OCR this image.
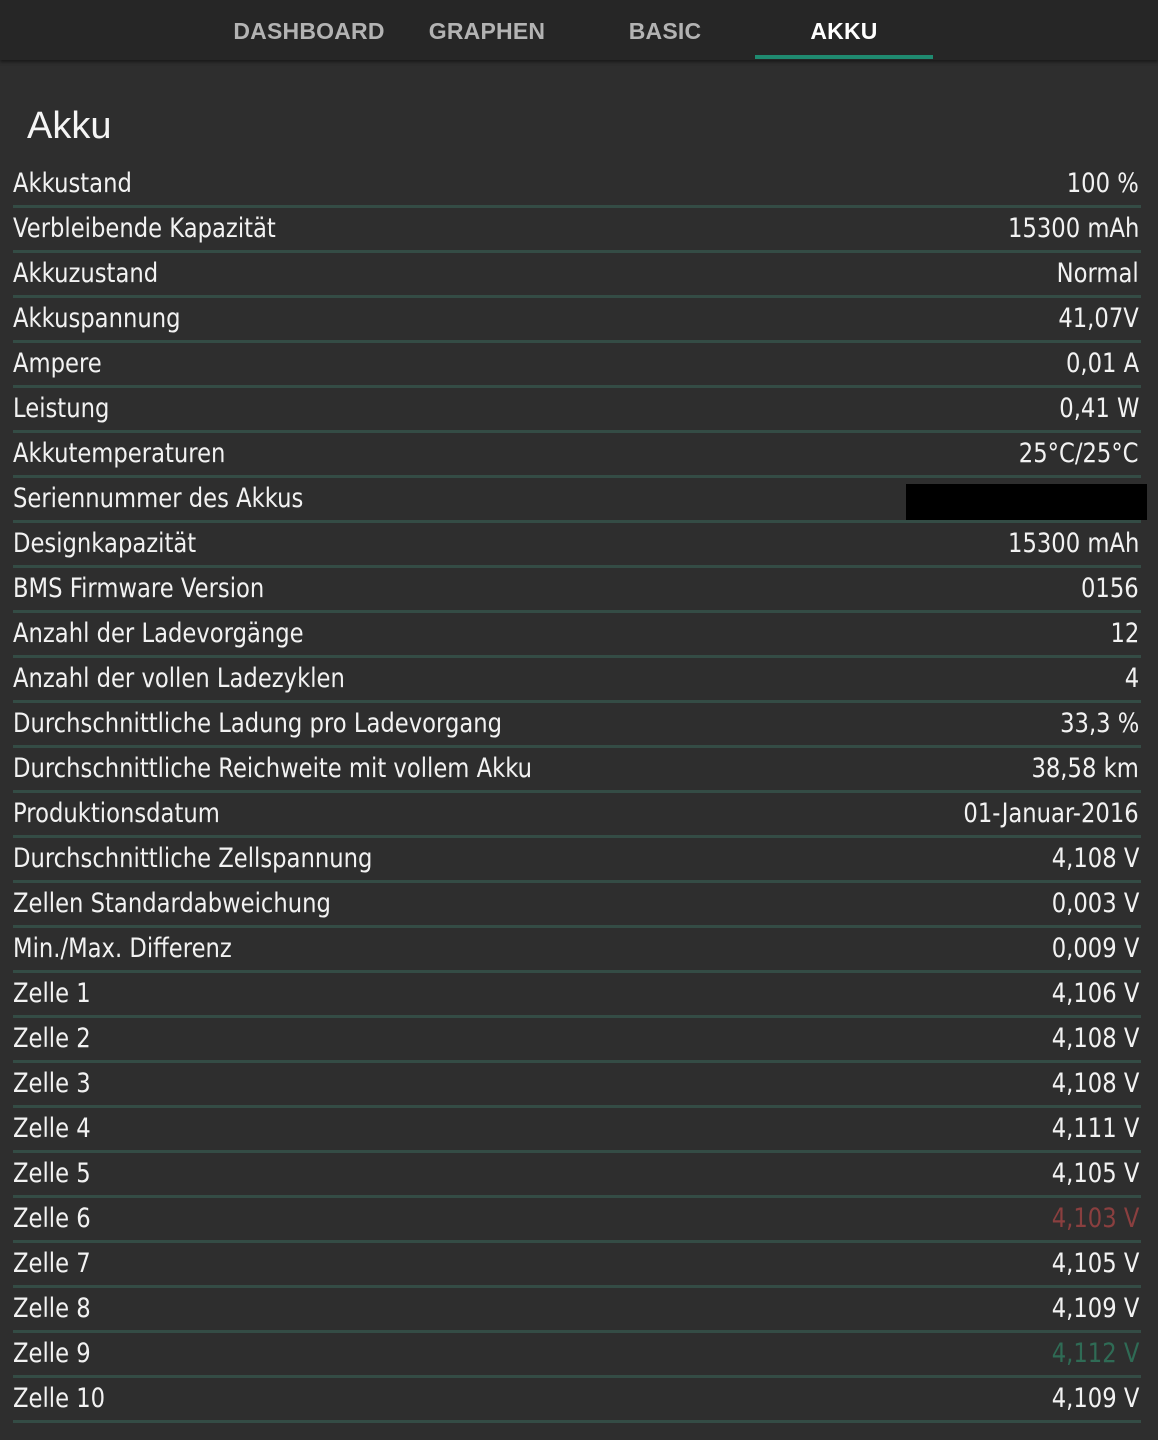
DASHBOARD	GRAPHEN	BASIC	AKKU
Akku
Akkustand	100 %
Verbleibende Kapazität	15300 mAh
Akkuzustand	Normal
Akkuspannung	41,07V
Ampere	0,01 A
Leistung	0,41 W
Akkutemperaturen	25°C/25°C
Seriennummer des Akkus
Designkapazität	15300 mAh
BMS Firmware Version	0156
Anzahl der Ladevorgänge	12
Anzahl der vollen Ladezyklen	4
Durchschnittliche Ladung pro Ladevorgang	33,3 %
Durchschnittliche Reichweite mit vollem Akku	38,58 km
Produktionsdatum	01-Januar-2016
Durchschnittliche Zellspannung	4,108 V
Zellen Standardabweichung	0,003 V
Min./Max. Differenz	0,009 V
Zelle 1	4,106 V
Zelle 2	4,108 V
Zelle 3	4,108 V
Zelle 4	4,111 V
Zelle 5	4,105 V
Zelle 6	4,103 V
Zelle 7	4,105 V
Zelle 8	4,109 V
Zelle 9	4,112 V
Zelle 10	4,109 V
